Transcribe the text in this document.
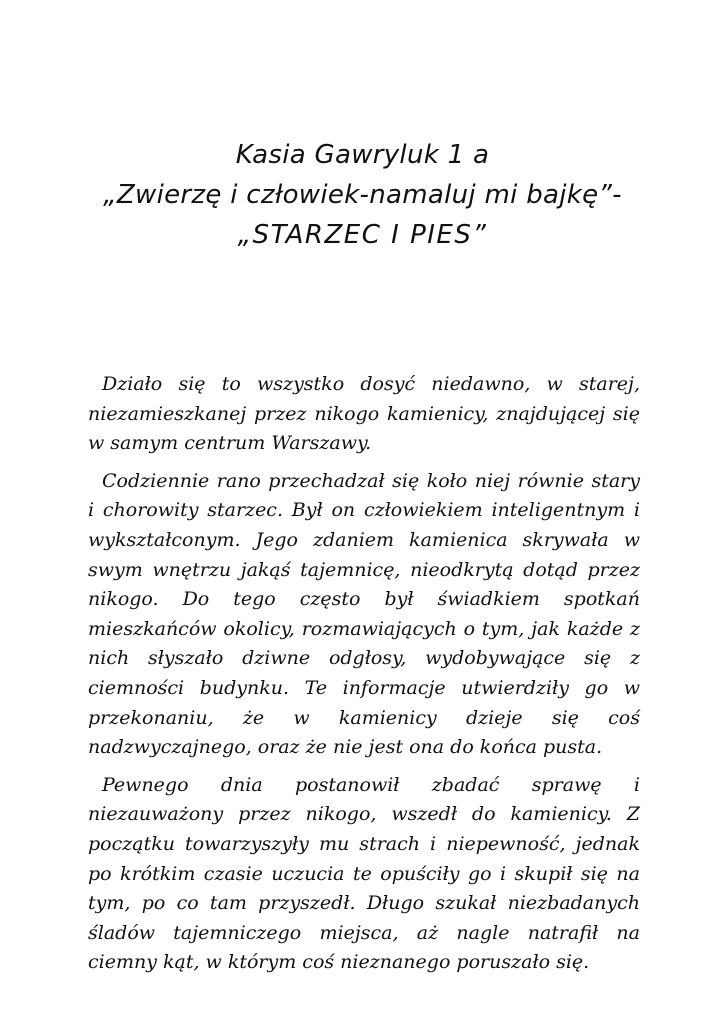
Kasia Gawryluk 1 a
„Zwierzę i człowiek-namaluj mi bajkę”-
„STARZEC I PIES”

Działo się to wszystko dosyć niedawno, w starej, niezamieszkanej przez nikogo kamienicy, znajdującej się w samym centrum Warszawy.

Codziennie rano przechadzał się koło niej równie stary i chorowity starzec. Był on człowiekiem inteligentnym i wykształconym. Jego zdaniem kamienica skrywała w swym wnętrzu jakąś tajemnicę, nieodkrytą dotąd przez nikogo. Do tego często był świadkiem spotkań mieszkańców okolicy, rozmawiających o tym, jak każde z nich słyszało dziwne odgłosy, wydobywające się z ciemności budynku. Te informacje utwierdziły go w przekonaniu, że w kamienicy dzieje się coś nadzwyczajnego, oraz że nie jest ona do końca pusta.

Pewnego dnia postanowił zbadać sprawę i niezauważony przez nikogo, wszedł do kamienicy. Z początku towarzyszyły mu strach i niepewność, jednak po krótkim czasie uczucia te opuściły go i skupił się na tym, po co tam przyszedł. Długo szukał niezbadanych śladów tajemniczego miejsca, aż nagle natrafił na ciemny kąt, w którym coś nieznanego poruszało się.
